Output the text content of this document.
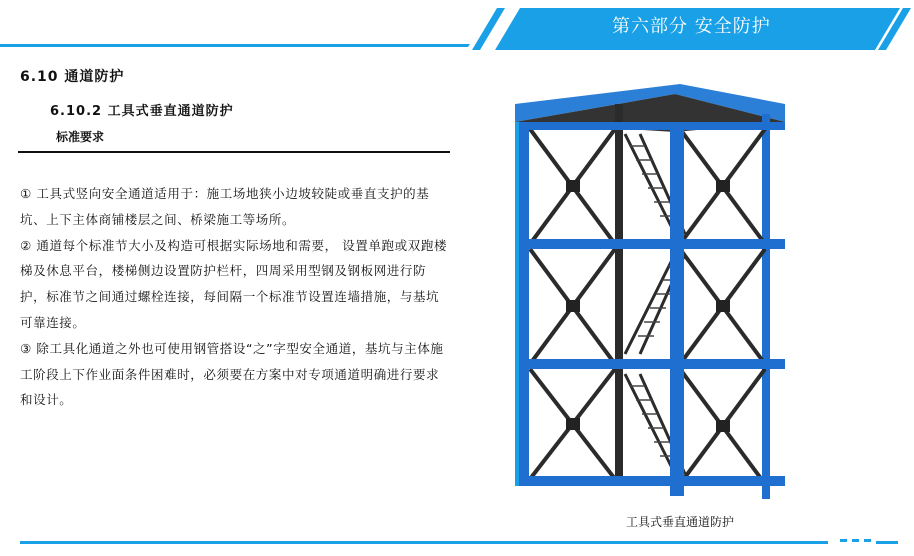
第六部分 安全防护
6.10 通道防护
6.10.2 工具式垂直通道防护
标准要求

① 工具式竖向安全通道适用于：施工场地狭小边坡较陡或垂直支护的基坑、上下主体商铺楼层之间、桥梁施工等场所。

② 通道每个标准节大小及构造可根据实际场地和需要， 设置单跑或双跑楼梯及休息平台，楼梯侧边设置防护栏杆，四周采用型钢及钢板网进行防护，标准节之间通过螺栓连接，每间隔一个标准节设置连墙措施，与基坑可靠连接。

③ 除工具化通道之外也可使用钢管搭设“之”字型安全通道，基坑与主体施工阶段上下作业面条件困难时，必须要在方案中对专项通道明确进行要求和设计。

工具式垂直通道防护
